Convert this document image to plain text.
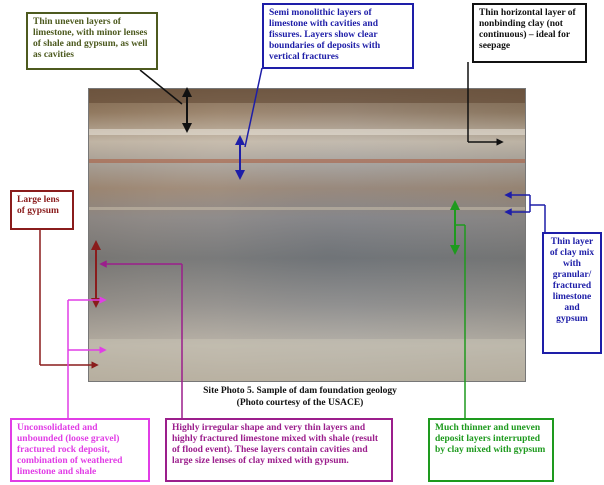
Thin uneven layers of limestone, with minor lenses of shale and gypsum, as well as cavities
Semi monolithic layers of limestone with cavities and fissures. Layers show clear boundaries of deposits with vertical fractures
Thin horizontal layer of nonbinding clay (not continuous) – ideal for seepage
Large lens of gypsum
Thin layer of clay mix with granular/ fractured limestone and gypsum
Unconsolidated and unbounded (loose gravel) fractured rock deposit, combination of weathered limestone and shale
Highly irregular shape and very thin layers and highly fractured limestone mixed with shale (result of flood event). These layers contain cavities and large size lenses of clay mixed with gypsum.
Much thinner and uneven deposit layers interrupted by clay mixed with gypsum
Site Photo 5. Sample of dam foundation geology
(Photo courtesy of the USACE)
